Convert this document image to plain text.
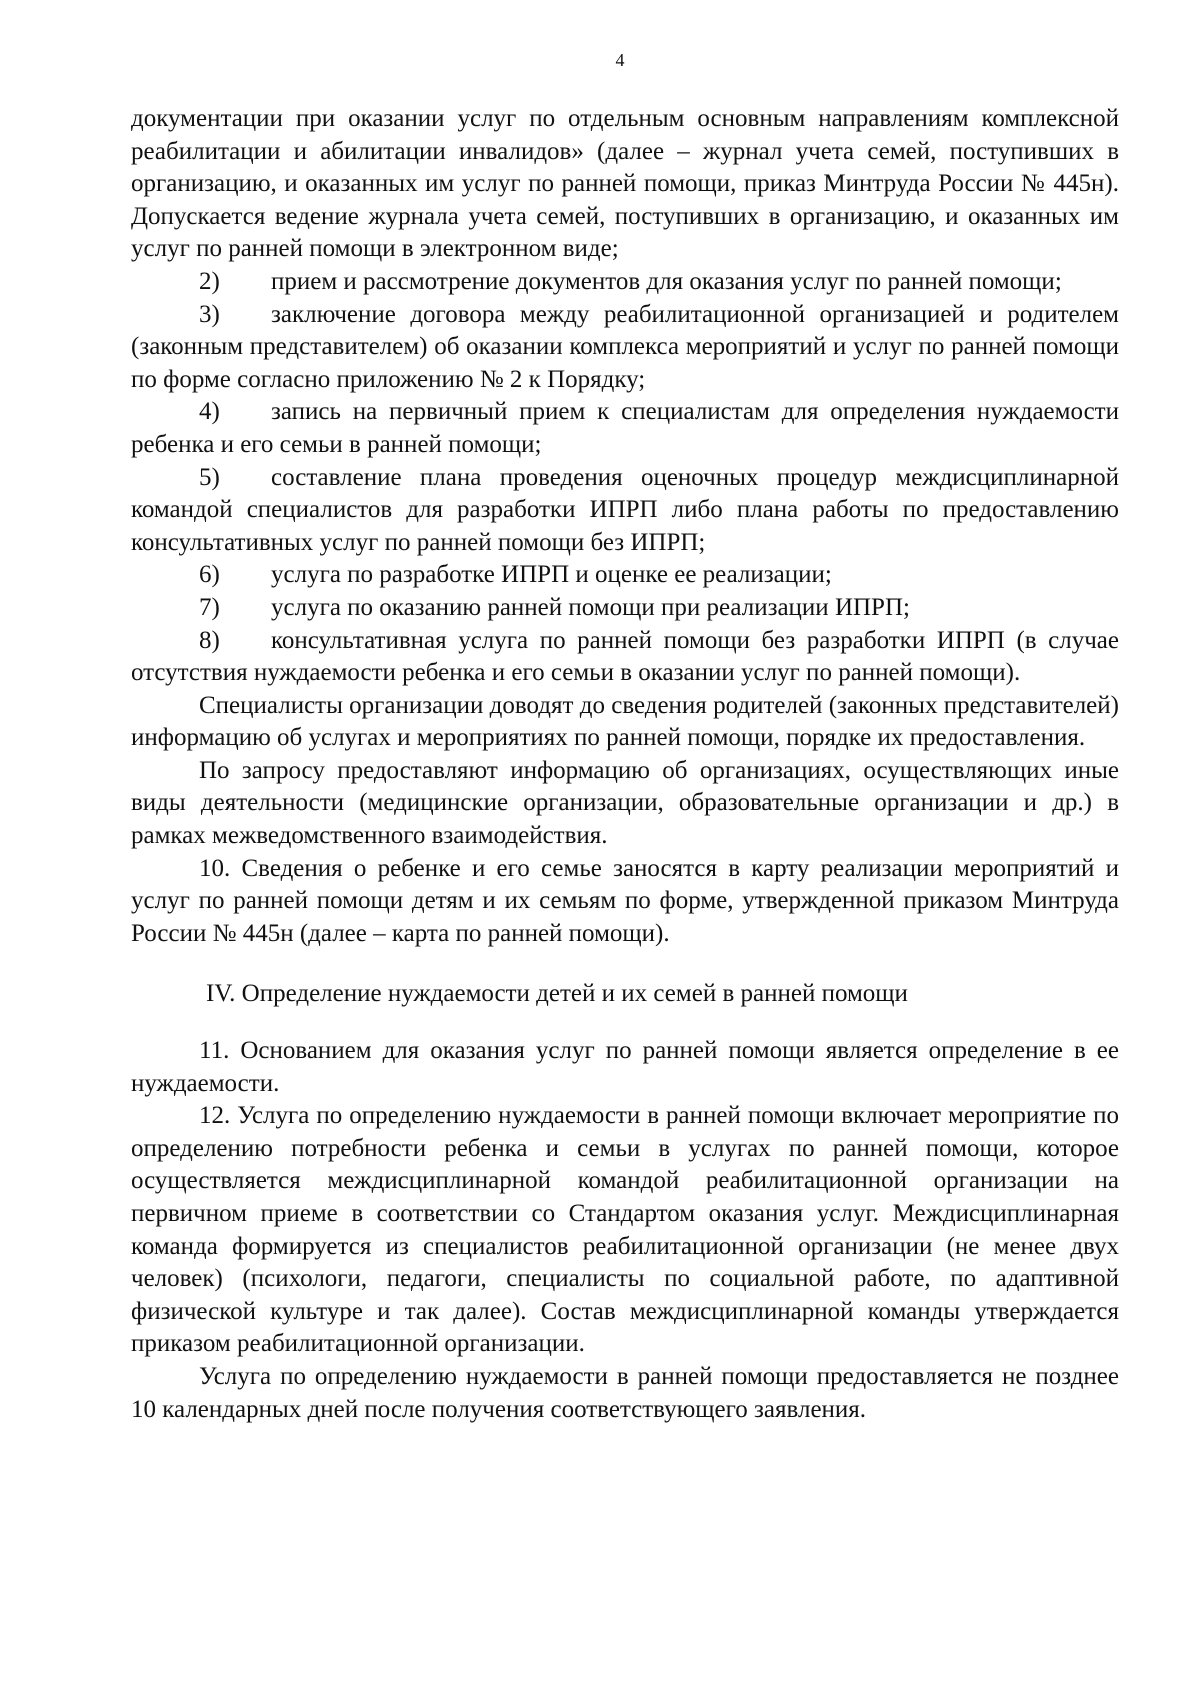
4

документации при оказании услуг по отдельным основным направлениям комплексной реабилитации и абилитации инвалидов» (далее – журнал учета семей, поступивших в организацию, и оказанных им услуг по ранней помощи, приказ Минтруда России № 445н). Допускается ведение журнала учета семей, поступивших в организацию, и оказанных им услуг по ранней помощи в электронном виде;

2) прием и рассмотрение документов для оказания услуг по ранней помощи;

3) заключение договора между реабилитационной организацией и родителем (законным представителем) об оказании комплекса мероприятий и услуг по ранней помощи по форме согласно приложению № 2 к Порядку;

4) запись на первичный прием к специалистам для определения нуждаемости ребенка и его семьи в ранней помощи;

5) составление плана проведения оценочных процедур междисциплинарной командой специалистов для разработки ИПРП либо плана работы по предоставлению консультативных услуг по ранней помощи без ИПРП;

6) услуга по разработке ИПРП и оценке ее реализации;

7) услуга по оказанию ранней помощи при реализации ИПРП;

8) консультативная услуга по ранней помощи без разработки ИПРП (в случае отсутствия нуждаемости ребенка и его семьи в оказании услуг по ранней помощи).

Специалисты организации доводят до сведения родителей (законных представителей) информацию об услугах и мероприятиях по ранней помощи, порядке их предоставления.

По запросу предоставляют информацию об организациях, осуществляющих иные виды деятельности (медицинские организации, образовательные организации и др.) в рамках межведомственного взаимодействия.

10. Сведения о ребенке и его семье заносятся в карту реализации мероприятий и услуг по ранней помощи детям и их семьям по форме, утвержденной приказом Минтруда России № 445н (далее – карта по ранней помощи).

IV. Определение нуждаемости детей и их семей в ранней помощи

11. Основанием для оказания услуг по ранней помощи является определение в ее нуждаемости.

12. Услуга по определению нуждаемости в ранней помощи включает мероприятие по определению потребности ребенка и семьи в услугах по ранней помощи, которое осуществляется междисциплинарной командой реабилитационной организации на первичном приеме в соответствии со Стандартом оказания услуг. Междисциплинарная команда формируется из специалистов реабилитационной организации (не менее двух человек) (психологи, педагоги, специалисты по социальной работе, по адаптивной физической культуре и так далее). Состав междисциплинарной команды утверждается приказом реабилитационной организации.

Услуга по определению нуждаемости в ранней помощи предоставляется не позднее 10 календарных дней после получения соответствующего заявления.
